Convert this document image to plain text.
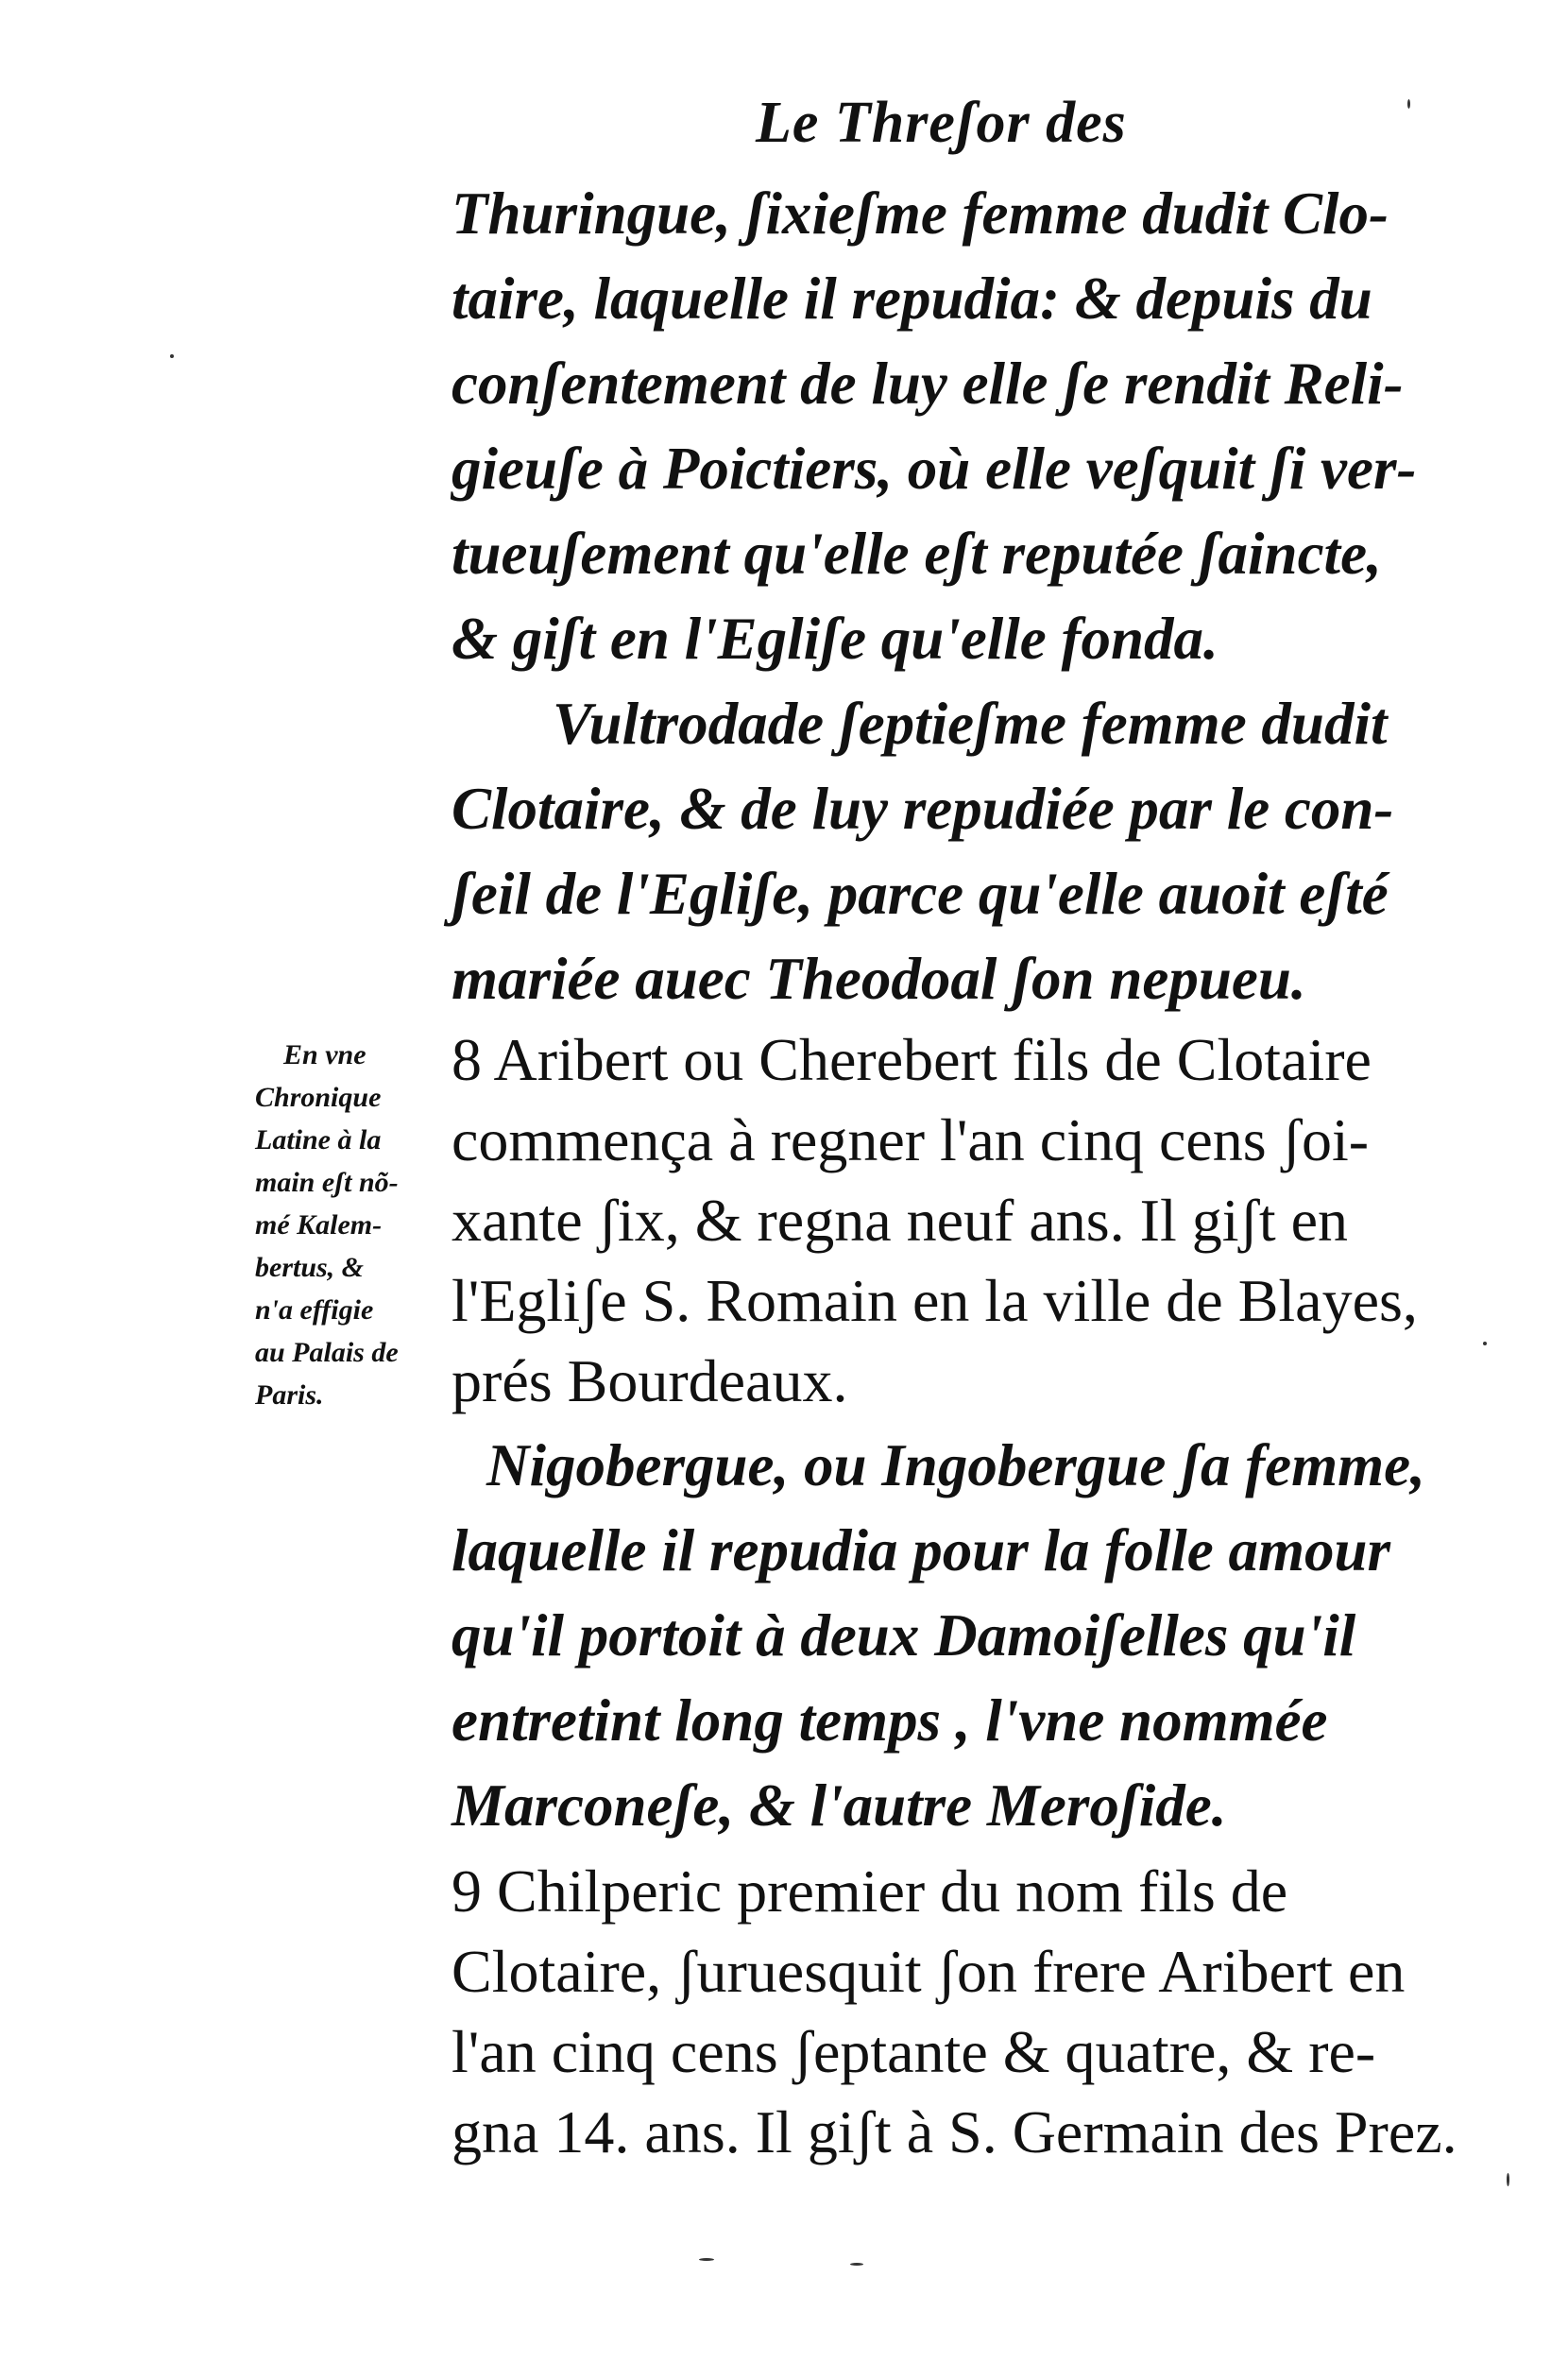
Le Threʃor des
Thuringue, ʃixieʃme femme dudit Clo-
taire, laquelle il repudia: & depuis du
conʃentement de luy elle ʃe rendit Reli-
gieuʃe à Poictiers, où elle veʃquit ʃi ver-
tueuʃement qu'elle eʃt reputée ʃaincte,
& giʃt en l'Egliʃe qu'elle fonda.
Vultrodade ʃeptieʃme femme dudit
Clotaire, & de luy repudiée par le con-
ʃeil de l'Egliʃe, parce qu'elle auoit eʃté
mariée auec Theodoal ʃon nepueu.
8 Aribert ou Cherebert fils de Clotaire
commença à regner l'an cinq cens ʃoi-
xante ʃix, & regna neuf ans. Il giʃt en
l'Egliʃe S. Romain en la ville de Blayes,
prés Bourdeaux.
Nigobergue, ou Ingobergue ʃa femme,
laquelle il repudia pour la folle amour
qu'il portoit à deux Damoiʃelles qu'il
entretint long temps , l'vne nommée
Marconeʃe, & l'autre Meroʃide.
9 Chilperic premier du nom fils de
Clotaire, ʃuruesquit ʃon frere Aribert en
l'an cinq cens ʃeptante & quatre, & re-
gna 14. ans. Il giʃt à S. Germain des Prez.
En vne
Chronique
Latine à la
main eʃt nõ-
mé Kalem-
bertus, &
n'a effigie
au Palais de
Paris.
